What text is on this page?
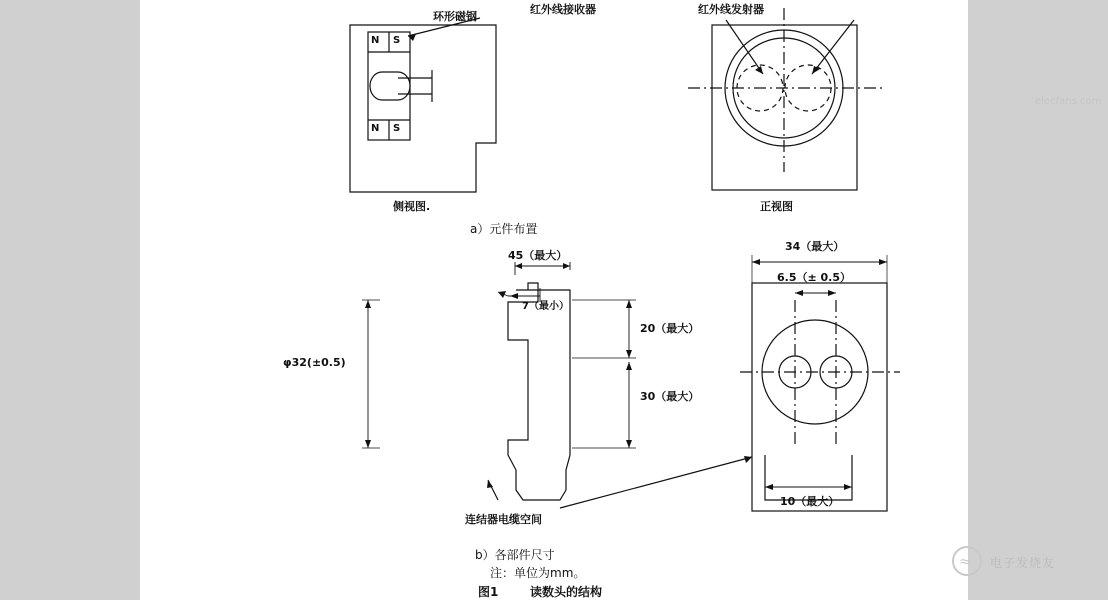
环形磁钢
红外线接收器	红外线发射器
N S
N S
侧视图.	正视图
a）元件布置
45（最大）
7（最小）
20（最大）
30（最大）
φ32(±0.5)
34（最大）
6.5（± 0.5）
10（最大）
连结器电缆空间
b）各部件尺寸
注：单位为mm。
图1	读数头的结构
≈ 电子发烧友
elecfans.com
